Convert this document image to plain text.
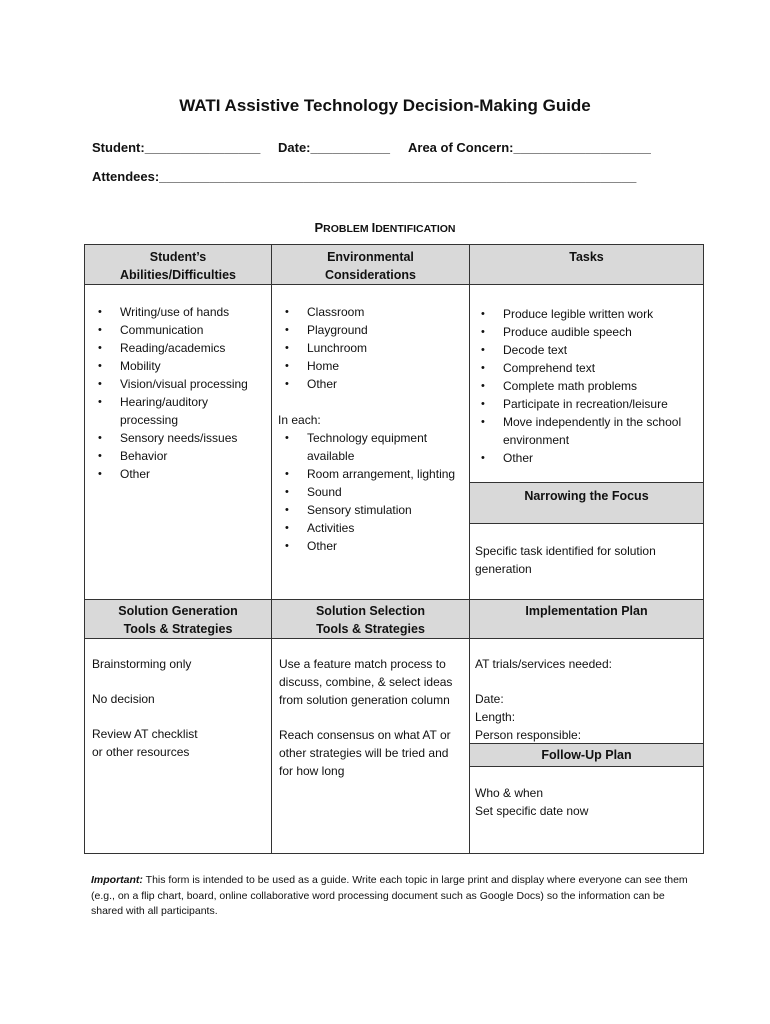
WATI Assistive Technology Decision-Making Guide
Student:________________ Date:___________ Area of Concern:___________________
Attendees:__________________________________________________________________
PROBLEM IDENTIFICATION
Student’s
Abilities/Difficulties
Environmental
Considerations
Tasks
• Writing/use of hands
• Communication
• Reading/academics
• Mobility
• Vision/visual processing
• Hearing/auditory processing
• Sensory needs/issues
• Behavior
• Other
• Classroom
• Playground
• Lunchroom
• Home
• Other

In each:

• Technology equipment available
• Room arrangement, lighting
• Sound
• Sensory stimulation
• Activities
• Other
• Produce legible written work
• Produce audible speech
• Decode text
• Comprehend text
• Complete math problems
• Participate in recreation/leisure
• Move independently in the school environment
• Other
Narrowing the Focus

Specific task identified for solution generation

Solution Generation
Tools & Strategies
Solution Selection
Tools & Strategies
Implementation Plan

Brainstorming only

No decision

Review AT checklist

or other resources

Use a feature match process to discuss, combine, & select ideas from solution generation column

Reach consensus on what AT or other strategies will be tried and for how long

AT trials/services needed:

Date:

Length:

Person responsible:

Follow-Up Plan

Who & when

Set specific date now

Important: This form is intended to be used as a guide. Write each topic in large print and display where everyone can see them (e.g., on a flip chart, board, online collaborative word processing document such as Google Docs) so the information can be shared with all participants.
